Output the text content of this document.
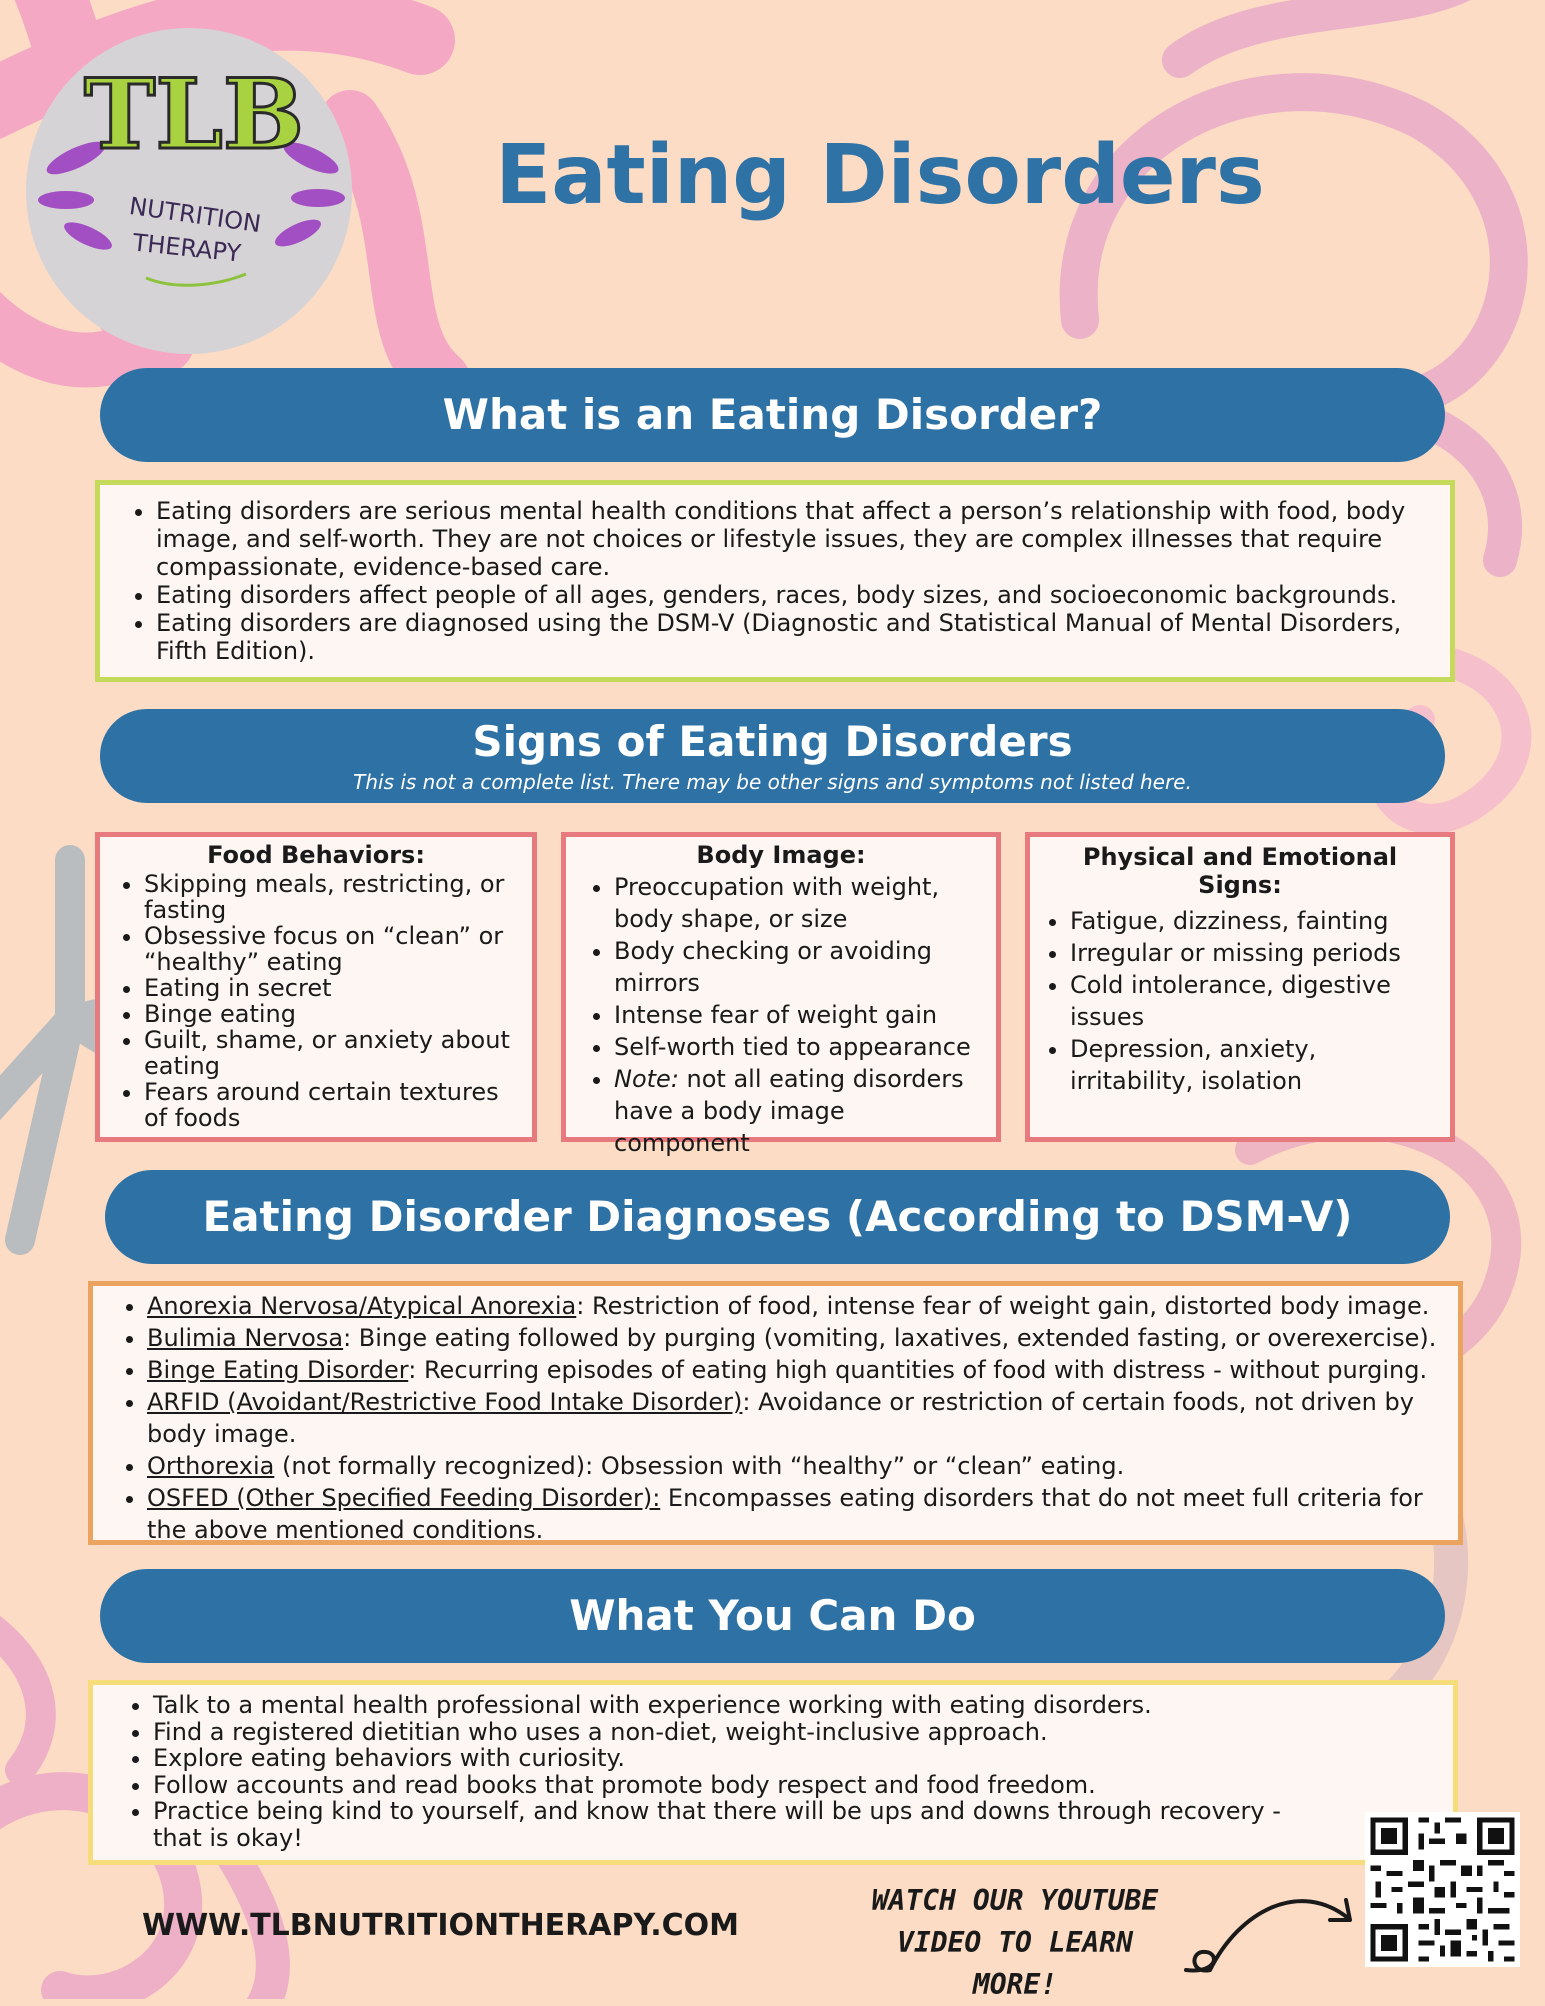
TLB
NUTRITION
THERAPY
Eating Disorders
What is an Eating Disorder?
• Eating disorders are serious mental health conditions that affect a person’s relationship with food, body image, and self-worth. They are not choices or lifestyle issues, they are complex illnesses that require compassionate, evidence-based care.
• Eating disorders affect people of all ages, genders, races, body sizes, and socioeconomic backgrounds.
• Eating disorders are diagnosed using the DSM-V (Diagnostic and Statistical Manual of Mental Disorders, Fifth Edition).
Signs of Eating Disorders
This is not a complete list. There may be other signs and symptoms not listed here.
Food Behaviors:
• Skipping meals, restricting, or fasting
• Obsessive focus on “clean” or “healthy” eating
• Eating in secret
• Binge eating
• Guilt, shame, or anxiety about eating
• Fears around certain textures of foods
Body Image:
• Preoccupation with weight, body shape, or size
• Body checking or avoiding mirrors
• Intense fear of weight gain
• Self-worth tied to appearance
• Note: not all eating disorders have a body image component
Physical and Emotional Signs:
• Fatigue, dizziness, fainting
• Irregular or missing periods
• Cold intolerance, digestive issues
• Depression, anxiety, irritability, isolation
Eating Disorder Diagnoses (According to DSM-V)
• Anorexia Nervosa/Atypical Anorexia: Restriction of food, intense fear of weight gain, distorted body image.
• Bulimia Nervosa: Binge eating followed by purging (vomiting, laxatives, extended fasting, or overexercise).
• Binge Eating Disorder: Recurring episodes of eating high quantities of food with distress - without purging.
• ARFID (Avoidant/Restrictive Food Intake Disorder): Avoidance or restriction of certain foods, not driven by body image.
• Orthorexia (not formally recognized): Obsession with “healthy” or “clean” eating.
• OSFED (Other Specified Feeding Disorder): Encompasses eating disorders that do not meet full criteria for the above mentioned conditions.
What You Can Do
• Talk to a mental health professional with experience working with eating disorders.
• Find a registered dietitian who uses a non-diet, weight-inclusive approach.
• Explore eating behaviors with curiosity.
• Follow accounts and read books that promote body respect and food freedom.
• Practice being kind to yourself, and know that there will be ups and downs through recovery - that is okay!
WWW.TLBNUTRITIONTHERAPY.COM
WATCH OUR YOUTUBE
VIDEO TO LEARN MORE!
